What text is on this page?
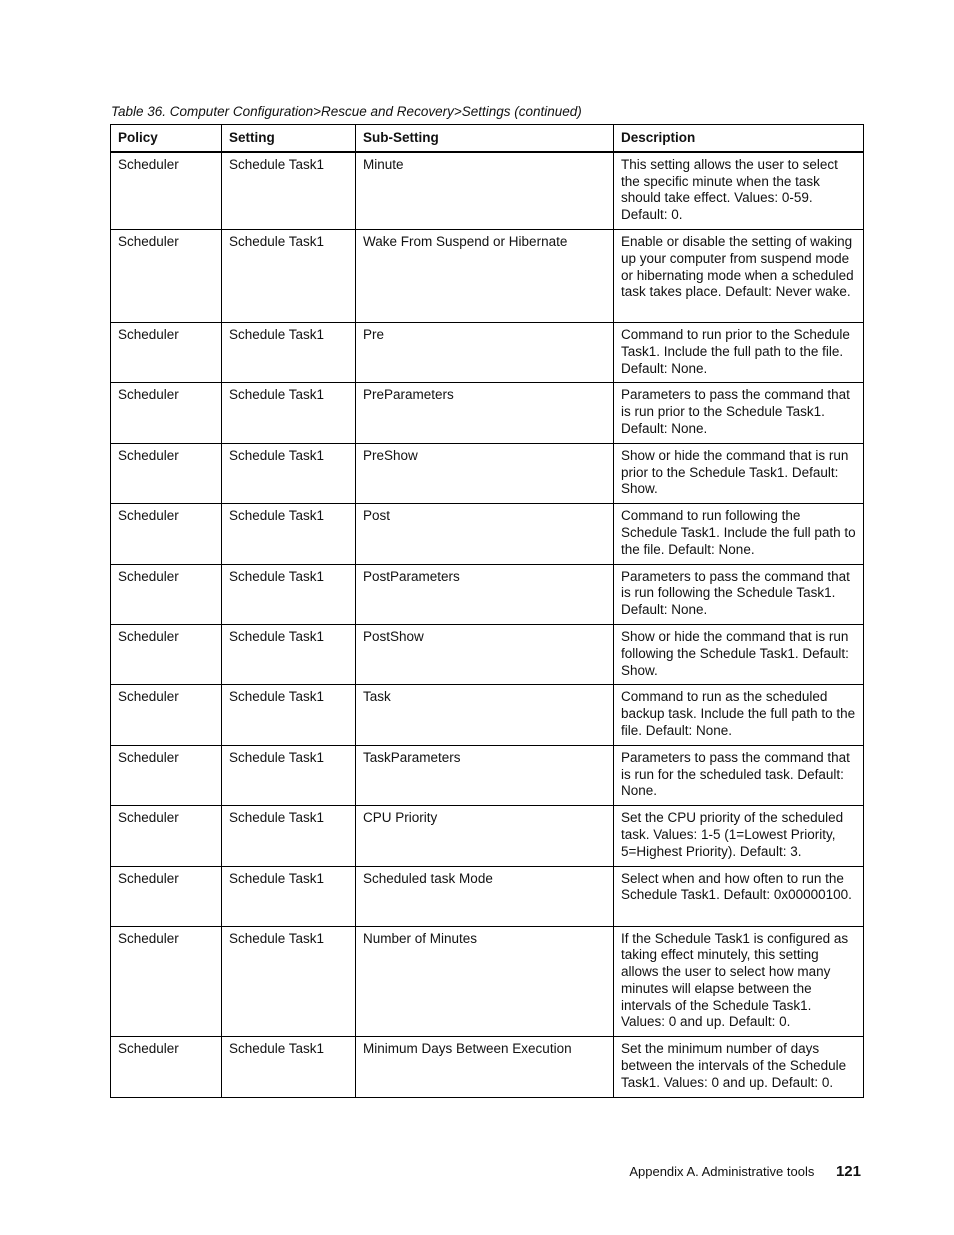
Table 36. Computer Configuration>Rescue and Recovery>Settings (continued)
Policy	Setting	Sub-Setting	Description
Scheduler	Schedule Task1	Minute	This setting allows the user to select the specific minute when the task should take effect. Values: 0-59. Default: 0.
Scheduler	Schedule Task1	Wake From Suspend or Hibernate	Enable or disable the setting of waking up your computer from suspend mode or hibernating mode when a scheduled task takes place. Default: Never wake.
Scheduler	Schedule Task1	Pre	Command to run prior to the Schedule Task1. Include the full path to the file. Default: None.
Scheduler	Schedule Task1	PreParameters	Parameters to pass the command that is run prior to the Schedule Task1. Default: None.
Scheduler	Schedule Task1	PreShow	Show or hide the command that is run prior to the Schedule Task1. Default: Show.
Scheduler	Schedule Task1	Post	Command to run following the Schedule Task1. Include the full path to the file. Default: None.
Scheduler	Schedule Task1	PostParameters	Parameters to pass the command that is run following the Schedule Task1. Default: None.
Scheduler	Schedule Task1	PostShow	Show or hide the command that is run following the Schedule Task1. Default: Show.
Scheduler	Schedule Task1	Task	Command to run as the scheduled backup task. Include the full path to the file. Default: None.
Scheduler	Schedule Task1	TaskParameters	Parameters to pass the command that is run for the scheduled task. Default: None.
Scheduler	Schedule Task1	CPU Priority	Set the CPU priority of the scheduled task. Values: 1-5 (1=Lowest Priority, 5=Highest Priority). Default: 3.
Scheduler	Schedule Task1	Scheduled task Mode	Select when and how often to run the Schedule Task1. Default: 0x00000100.
Scheduler	Schedule Task1	Number of Minutes	If the Schedule Task1 is configured as taking effect minutely, this setting allows the user to select how many minutes will elapse between the intervals of the Schedule Task1. Values: 0 and up. Default: 0.
Scheduler	Schedule Task1	Minimum Days Between Execution	Set the minimum number of days between the intervals of the Schedule Task1. Values: 0 and up. Default: 0.
Appendix A. Administrative tools 121
